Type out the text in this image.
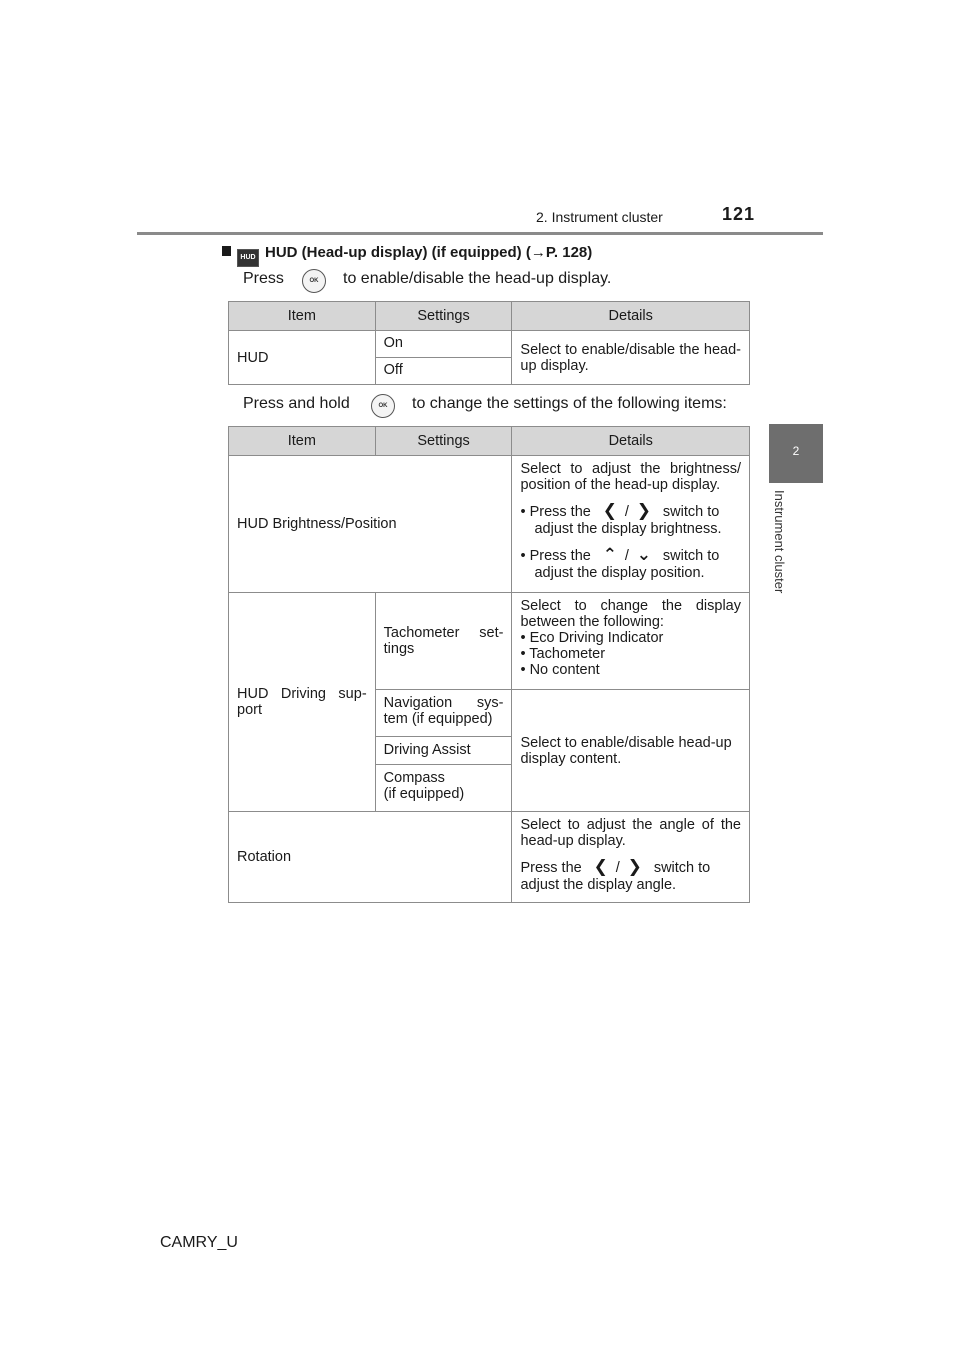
2. Instrument cluster	121
2
Instrument cluster
HUD HUD (Head-up display) (if equipped) (→P. 128)
Press	OK	to enable/disable the head-up display.
Item	Settings	Details
HUD	On	Select to enable/disable the head-up display.
	Off	
Press and hold	OK	to change the settings of the following items:
Item	Settings	Details
HUD Brightness/Position		Select to adjust the brightness/ position of the head-up display.

• Press the ❮ / ❯ switch to

adjust the display brightness.

• Press the ⌃ / ⌄ switch to

adjust the display position.

HUD Driving sup- port	Tachometer set- tings	Select to change the display between the following:

• Eco Driving Indicator

• Tachometer

• No content

	Navigation sys- tem (if equipped)	Select to enable/disable head-up display content.
	Driving Assist	

	Compass

(if equipped)	

Rotation		Select to adjust the angle of the head-up display.

Press the ❮ / ❯ switch to

adjust the display angle.

CAMRY_U
